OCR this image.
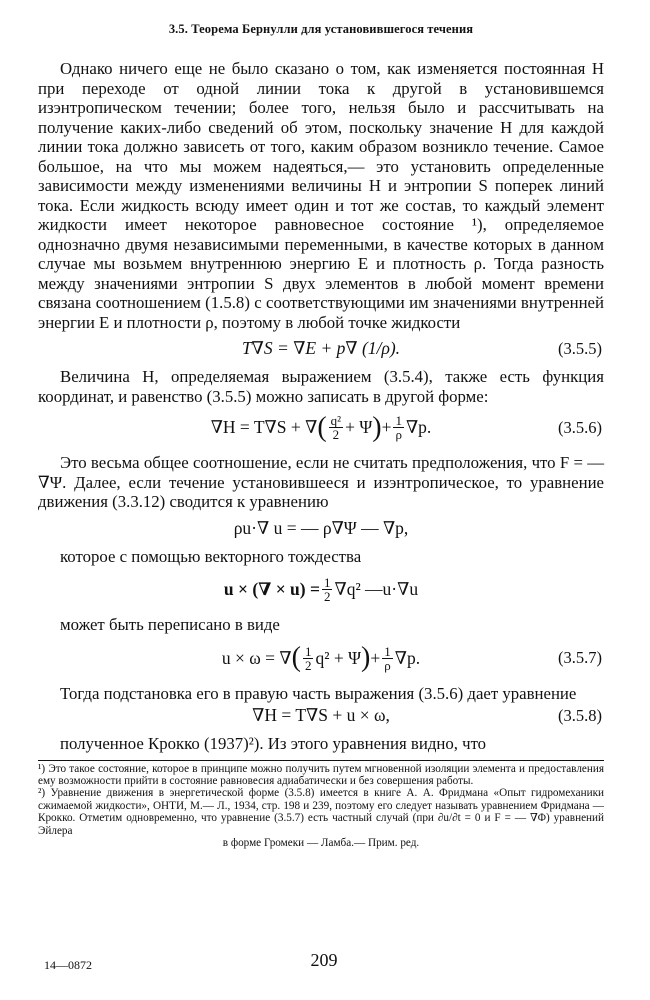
3.5. Теорема Бернулли для установившегося течения

Однако ничего еще не было сказано о том, как изменяется постоянная H при переходе от одной линии тока к другой в установившемся изэнтропическом течении; более того, нельзя было и рассчитывать на получение каких-либо сведений об этом, поскольку значение H для каждой линии тока должно зависеть от того, каким образом возникло течение. Самое большое, на что мы можем надеяться,— это установить определенные зависимости между изменениями величины H и энтропии S поперек линий тока. Если жидкость всюду имеет один и тот же состав, то каждый элемент жидкости имеет некоторое равновесное состояние ¹), определяемое однозначно двумя независимыми переменными, в качестве которых в данном случае мы возьмем внутреннюю энергию E и плотность ρ. Тогда разность между значениями энтропии S двух элементов в любой момент времени связана соотношением (1.5.8) с соответствующими им значениями внутренней энергии E и плотности ρ, поэтому в любой точке жидкости

T∇S = ∇E + p∇ (1/ρ).	(3.5.5)

Величина H, определяемая выражением (3.5.4), также есть функция координат, и равенство (3.5.5) можно записать в другой форме:

∇H = T∇S + ∇ ( $\frac{\text{q²}}{2} + \Psi$ ) + $\frac{1}{\rho} \nabla p$.	(3.5.6)

Это весьма общее соотношение, если не считать предположения, что F = — ∇Ψ. Далее, если течение установившееся и изэнтропическое, то уравнение движения (3.3.12) сводится к уравнению

ρu·∇ u = — ρ∇Ψ — ∇p,

которое с помощью векторного тождества

u × (∇ × $u) = \frac{1}{2} \nabla q^2$ —u·∇u

может быть переписано в виде

u × ω = ∇ ( $\frac{1}{2} q^2 + \Psi$ ) + $\frac{1}{\rho} \nabla p$.	(3.5.7)

Тогда подстановка его в правую часть выражения (3.5.6) дает уравнение

∇H = T∇S + u × ω,	(3.5.8)

полученное Крокко (1937)²). Из этого уравнения видно, что

¹) Это такое состояние, которое в принципе можно получить путем мгновенной изоляции элемента и предоставления ему возможности прийти в состояние равновесия адиабатически и без совершения работы.

²) Уравнение движения в энергетической форме (3.5.8) имеется в книге А. А. Фридмана «Опыт гидромеханики сжимаемой жидкости», ОНТИ, М.— Л., 1934, стр. 198 и 239, поэтому его следует называть уравнением Фридмана — Крокко. Отметим одновременно, что уравнение (3.5.7) есть частный случай (при ∂u/∂t = 0 и F = — ∇Φ) уравнений Эйлера

в форме Громеки — Ламба.— Прим. ред.

14—0872	209
